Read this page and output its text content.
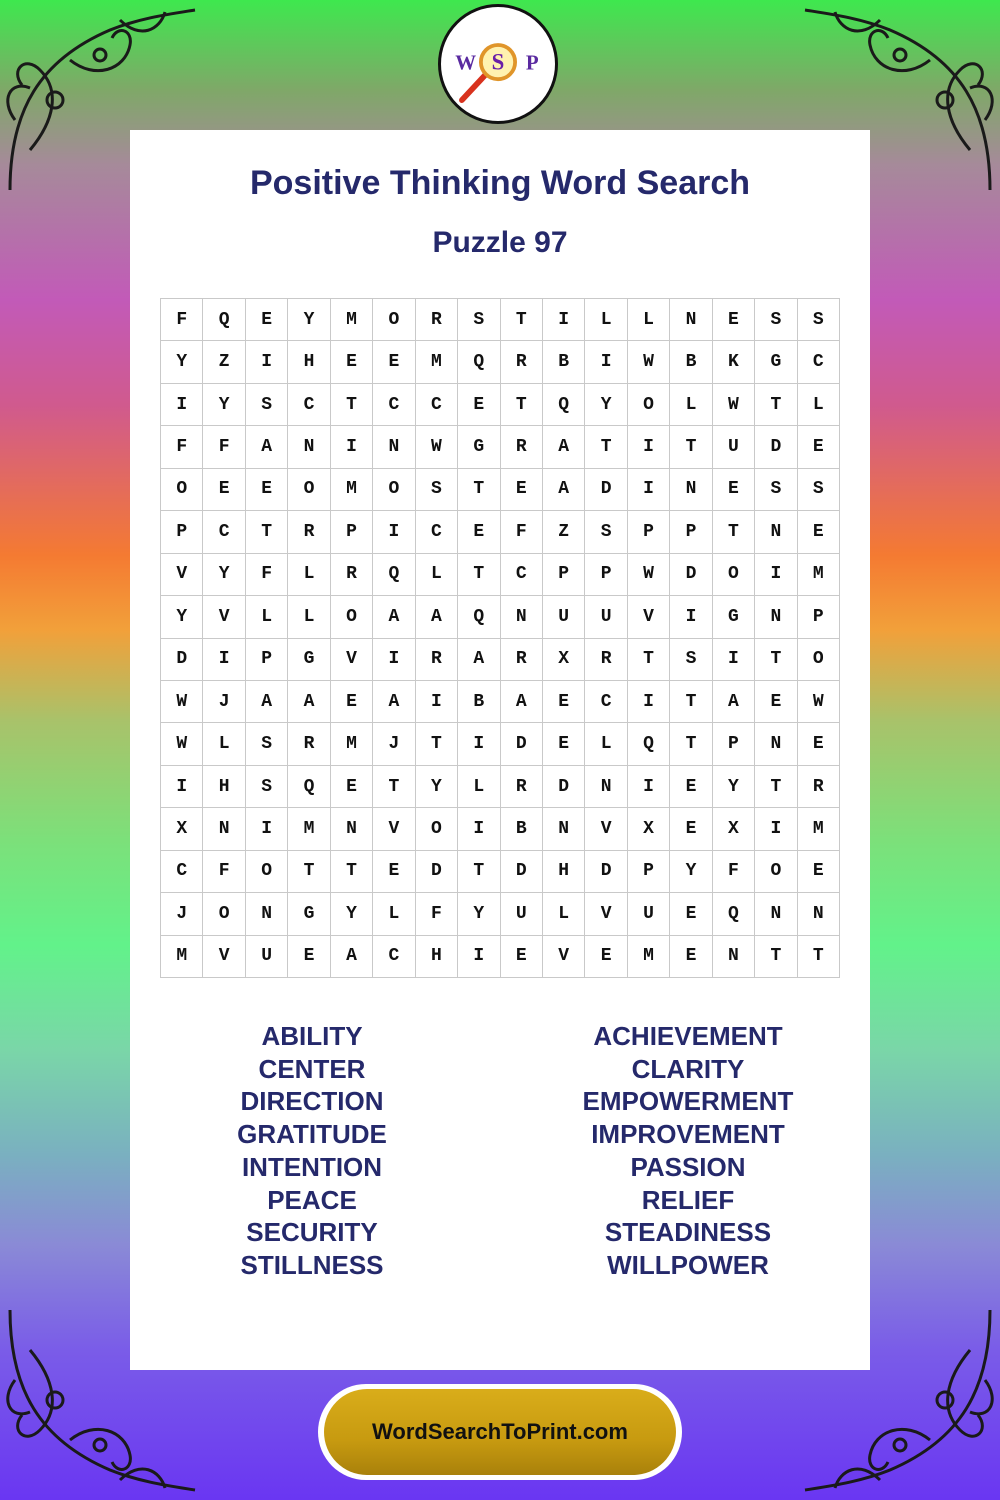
S
W P
Positive Thinking Word Search
Puzzle 97
F	Q	E	Y	M	O	R	S	T	I	L	L	N	E	S	S
Y	Z	I	H	E	E	M	Q	R	B	I	W	B	K	G	C
I	Y	S	C	T	C	C	E	T	Q	Y	O	L	W	T	L
F	F	A	N	I	N	W	G	R	A	T	I	T	U	D	E
O	E	E	O	M	O	S	T	E	A	D	I	N	E	S	S
P	C	T	R	P	I	C	E	F	Z	S	P	P	T	N	E
V	Y	F	L	R	Q	L	T	C	P	P	W	D	O	I	M
Y	V	L	L	O	A	A	Q	N	U	U	V	I	G	N	P
D	I	P	G	V	I	R	A	R	X	R	T	S	I	T	O
W	J	A	A	E	A	I	B	A	E	C	I	T	A	E	W
W	L	S	R	M	J	T	I	D	E	L	Q	T	P	N	E
I	H	S	Q	E	T	Y	L	R	D	N	I	E	Y	T	R
X	N	I	M	N	V	O	I	B	N	V	X	E	X	I	M
C	F	O	T	T	E	D	T	D	H	D	P	Y	F	O	E
J	O	N	G	Y	L	F	Y	U	L	V	U	E	Q	N	N
M	V	U	E	A	C	H	I	E	V	E	M	E	N	T	T
ABILITY
CENTER
DIRECTION
GRATITUDE
INTENTION
PEACE
SECURITY
STILLNESS
ACHIEVEMENT
CLARITY
EMPOWERMENT
IMPROVEMENT
PASSION
RELIEF
STEADINESS
WILLPOWER
WordSearchToPrint.com
